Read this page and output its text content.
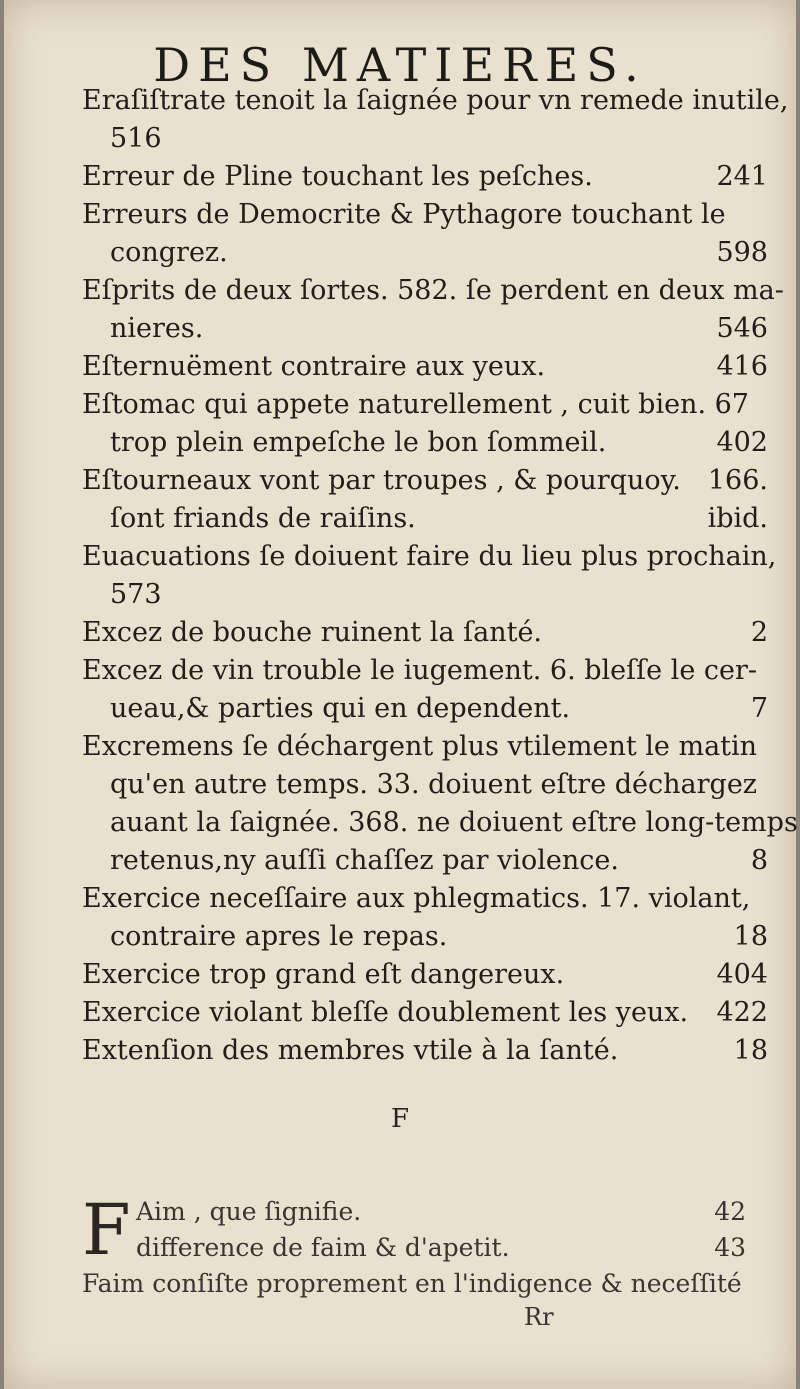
DES MATIERES.
Eraſiſtrate tenoit la ſaignée pour vn remede inutile,
516
Erreur de Pline touchant les peſches.	241
Erreurs de Democrite & Pythagore touchant le
congrez.	598
Eſprits de deux ſortes. 582. ſe perdent en deux ma-
nieres.	546
Eſternuëment contraire aux yeux.	416
Eſtomac qui appete naturellement , cuit bien. 67
trop plein empeſche le bon ſommeil.	402
Eſtourneaux vont par troupes , & pourquoy. 166.
ſont friands de raiſins.	ibid.
Euacuations ſe doiuent faire du lieu plus prochain,
573
Excez de bouche ruinent la ſanté.	2
Excez de vin trouble le iugement. 6. bleſſe le cer-
ueau,& parties qui en dependent.	7
Excremens ſe déchargent plus vtilement le matin
qu'en autre temps. 33. doiuent eſtre déchargez
auant la ſaignée. 368. ne doiuent eſtre long-temps
retenus,ny auſſi chaſſez par violence.	8
Exercice neceſſaire aux phlegmatics. 17. violant,
contraire apres le repas.	18
Exercice trop grand eſt dangereux.	404
Exercice violant bleſſe doublement les yeux. 422
Extenſion des membres vtile à la ſanté.	18
F
F Aim , que ſignifie.	42
difference de faim & d'apetit.	43
Faim conſiſte proprement en l'indigence & neceſſité
Rr
